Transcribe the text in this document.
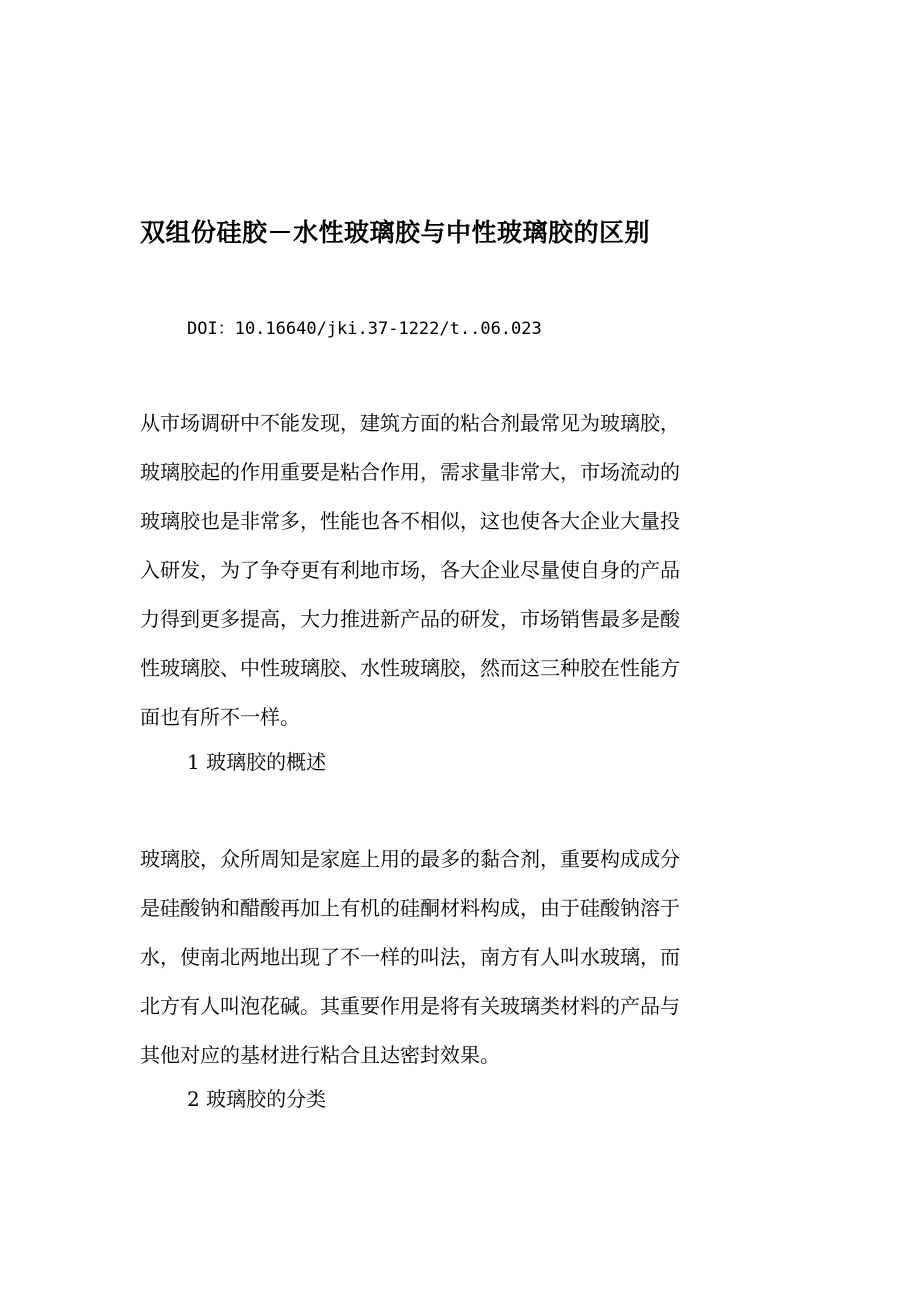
双组份硅胶－水性玻璃胶与中性玻璃胶的区别
DOI：10.16640/jki.37-1222/t..06.023

从市场调研中不能发现，建筑方面的粘合剂最常见为玻璃胶，
玻璃胶起的作用重要是粘合作用，需求量非常大，市场流动的
玻璃胶也是非常多，性能也各不相似，这也使各大企业大量投
入研发，为了争夺更有利地市场，各大企业尽量使自身的产品
力得到更多提高，大力推进新产品的研发，市场销售最多是酸
性玻璃胶、中性玻璃胶、水性玻璃胶，然而这三种胶在性能方
面也有所不一样。

1 玻璃胶的概述

玻璃胶，众所周知是家庭上用的最多的黏合剂，重要构成成分
是硅酸钠和醋酸再加上有机的硅酮材料构成，由于硅酸钠溶于
水，使南北两地出现了不一样的叫法，南方有人叫水玻璃，而
北方有人叫泡花碱。其重要作用是将有关玻璃类材料的产品与
其他对应的基材进行粘合且达密封效果。

2 玻璃胶的分类
